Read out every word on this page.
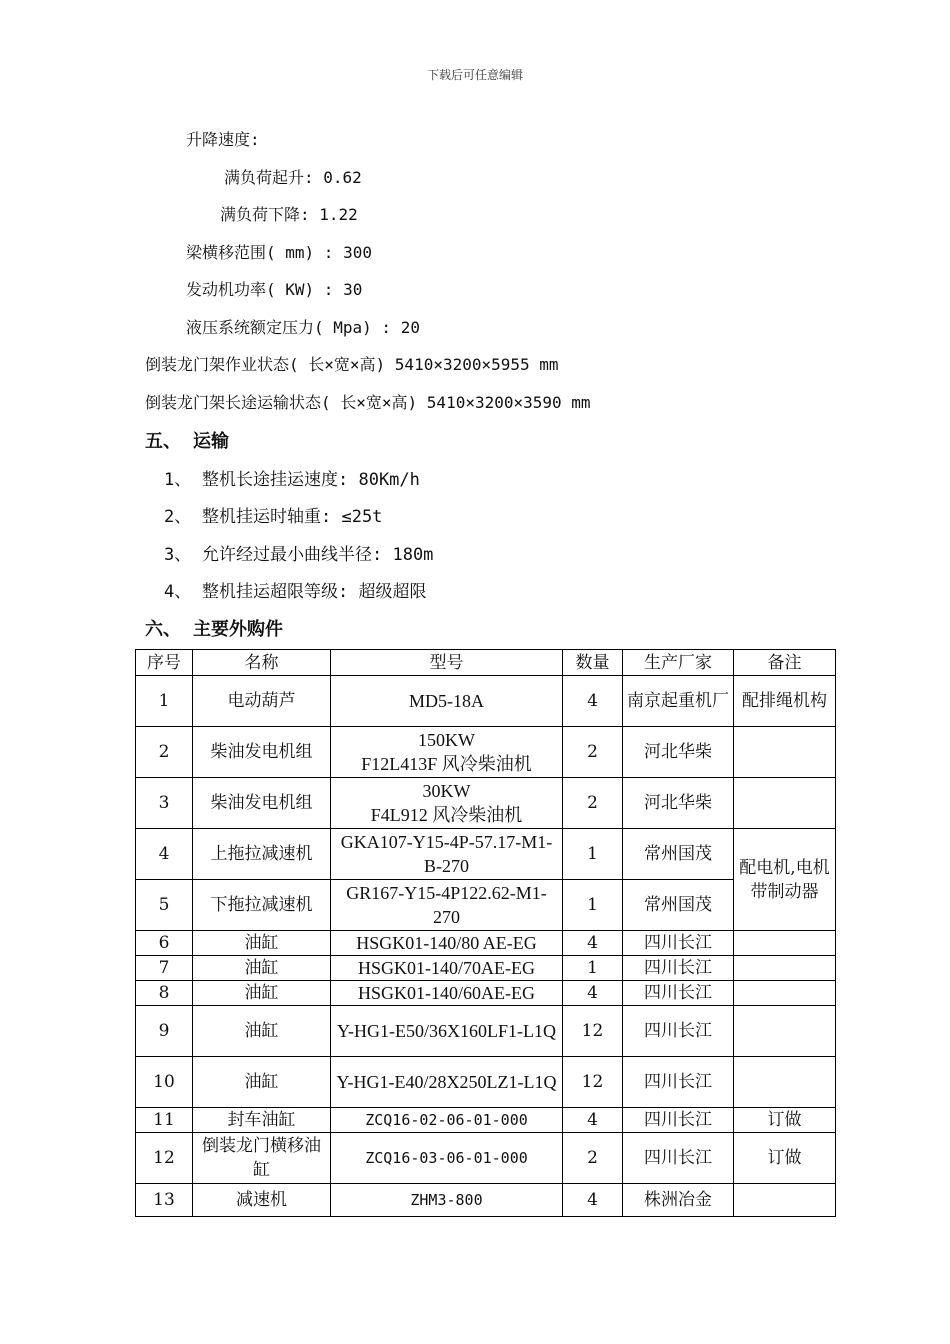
下载后可任意编辑
升降速度:
满负荷起升: 0.62
满负荷下降: 1.22
梁横移范围( mm) : 300
发动机功率( KW) : 30
液压系统额定压力( Mpa) : 20
倒装龙门架作业状态( 长×宽×高) 5410×3200×5955 mm
倒装龙门架长途运输状态( 长×宽×高) 5410×3200×3590 mm
五、 运输
1、 整机长途挂运速度: 80Km/h
2、 整机挂运时轴重: ≤25t
3、 允许经过最小曲线半径: 180m
4、 整机挂运超限等级: 超级超限
六、 主要外购件
序号	名称	型号	数量	生产厂家	备注
1	电动葫芦	MD5-18A	4	南京起重机厂	配排绳机构
2	柴油发电机组	150KW
F12L413F 风冷柴油机	2	河北华柴	
3	柴油发电机组	30KW
F4L912 风冷柴油机	2	河北华柴	
4	上拖拉减速机	GKA107-Y15-4P-57.17-M1-B-270	1	常州国茂	配电机,电机带制动器
5	下拖拉减速机	GR167-Y15-4P122.62-M1-270	1	常州国茂	
6	油缸	HSGK01-140/80 AE-EG	4	四川长江	
7	油缸	HSGK01-140/70AE-EG	1	四川长江	
8	油缸	HSGK01-140/60AE-EG	4	四川长江	
9	油缸	Y-HG1-E50/36X160LF1-L1Q	12	四川长江	
10	油缸	Y-HG1-E40/28X250LZ1-L1Q	12	四川长江	
11	封车油缸	ZCQ16-02-06-01-000	4	四川长江	订做
12	倒装龙门横移油缸	ZCQ16-03-06-01-000	2	四川长江	订做
13	减速机	ZHM3-800	4	株洲冶金	
